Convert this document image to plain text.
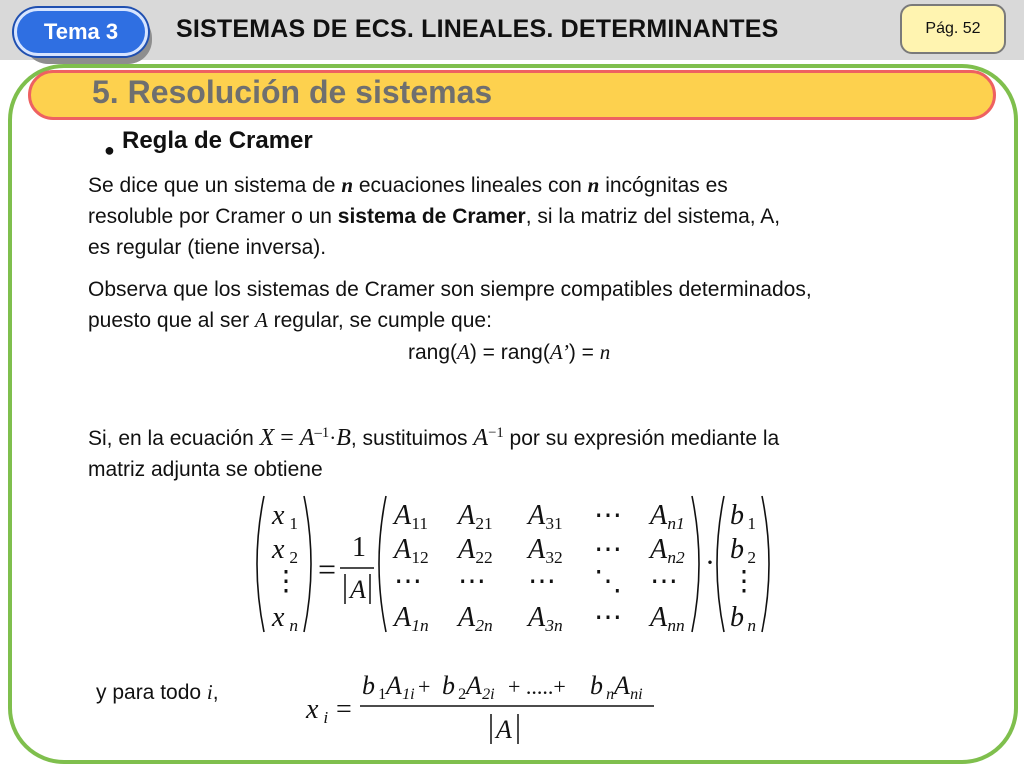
Tema 3	SISTEMAS DE ECS. LINEALES. DETERMINANTES	Pág. 52
5. Resolución de sistemas
● Regla de Cramer
Se dice que un sistema de n ecuaciones lineales con n incógnitas es
resoluble por Cramer o un sistema de Cramer, si la matriz del sistema, A,
es regular (tiene inversa).
Observa que los sistemas de Cramer son siempre compatibles determinados,
puesto que al ser A regular, se cumple que:
rang(A) = rang(A’) = n
Si, en la ecuación $X = A^{-1}\cdot B$, sustituimos $A^{-1}$ por su expresión mediante la
matriz adjunta se obtiene
x 1
x 2
⋮
x n
A 11 A 21 A 31 ⋯ A n1
A 12 A 22 A 32 ⋯ A n2
⋯ ⋯ ⋯ ⋱ ⋯
A 1n A 2n A 3n ⋯ A nn
b 1
b 2
⋮
b n
=
1
A
·
x i =
b 1 A 1i + b 2 A 2i + .....+ b n A ni
A
y para todo i,
